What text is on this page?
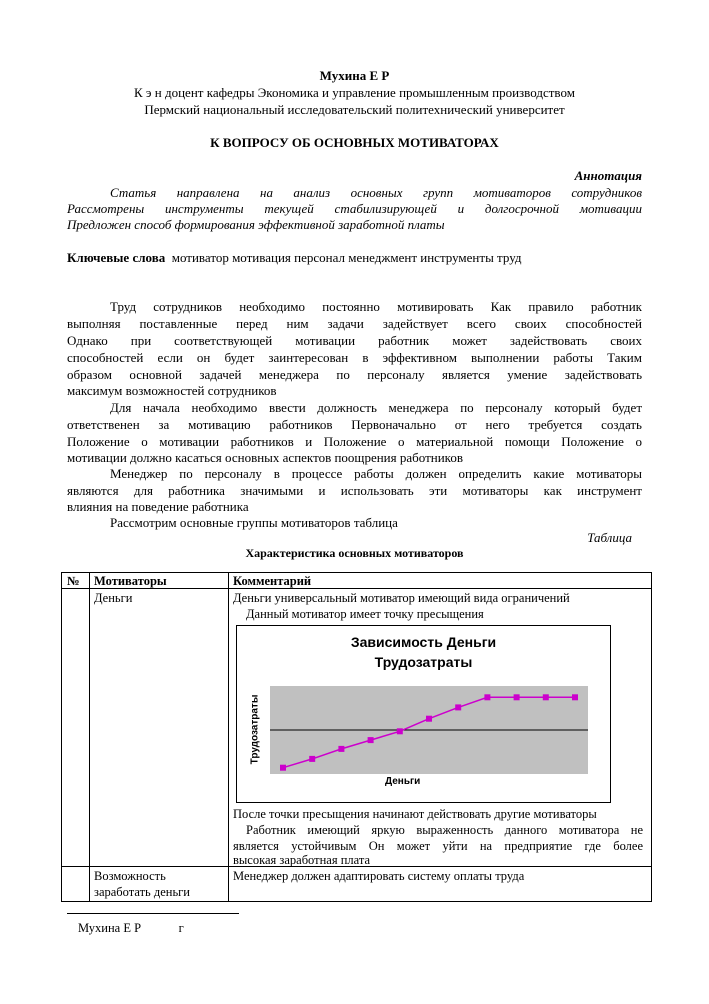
Мухина Е Р
К э н доцент кафедры Экономика и управление промышленным производством
Пермский национальный исследовательский политехнический университет
К ВОПРОСУ ОБ ОСНОВНЫХ МОТИВАТОРАХ
Аннотация
Статья направлена на анализ основных групп мотиваторов сотрудников
Рассмотрены инструменты текущей стабилизирующей и долгосрочной мотивации
Предложен способ формирования эффективной заработной платы
Ключевые слова мотиватор мотивация персонал менеджмент инструменты труд
Труд сотрудников необходимо постоянно мотивировать Как правило работник
выполняя поставленные перед ним задачи задействует всего своих способностей
Однако при соответствующей мотивации работник может задействовать своих
способностей если он будет заинтересован в эффективном выполнении работы Таким
образом основной задачей менеджера по персоналу является умение задействовать
максимум возможностей сотрудников
Для начала необходимо ввести должность менеджера по персоналу который будет
ответственен за мотивацию работников Первоначально от него требуется создать
Положение о мотивации работников и Положение о материальной помощи Положение о
мотивации должно касаться основных аспектов поощрения работников
Менеджер по персоналу в процессе работы должен определить какие мотиваторы
являются для работника значимыми и использовать эти мотиваторы как инструмент
влияния на поведение работника
Рассмотрим основные группы мотиваторов таблица
Таблица
Характеристика основных мотиваторов
№ Мотиваторы	Комментарий
Деньги	Деньги универсальный мотиватор имеющий вида ограничений
Данный мотиватор имеет точку пресыщения
Зависимость Деньги
Трудозатраты
Деньги
Трудозатраты
После точки пресыщения начинают действовать другие мотиваторы
Работник имеющий яркую выраженность данного мотиватора не
является устойчивым Он может уйти на предприятие где более
высокая заработная плата
Возможность
заработать деньги
Менеджер должен адаптировать систему оплаты труда
Мухина Е Р            г
